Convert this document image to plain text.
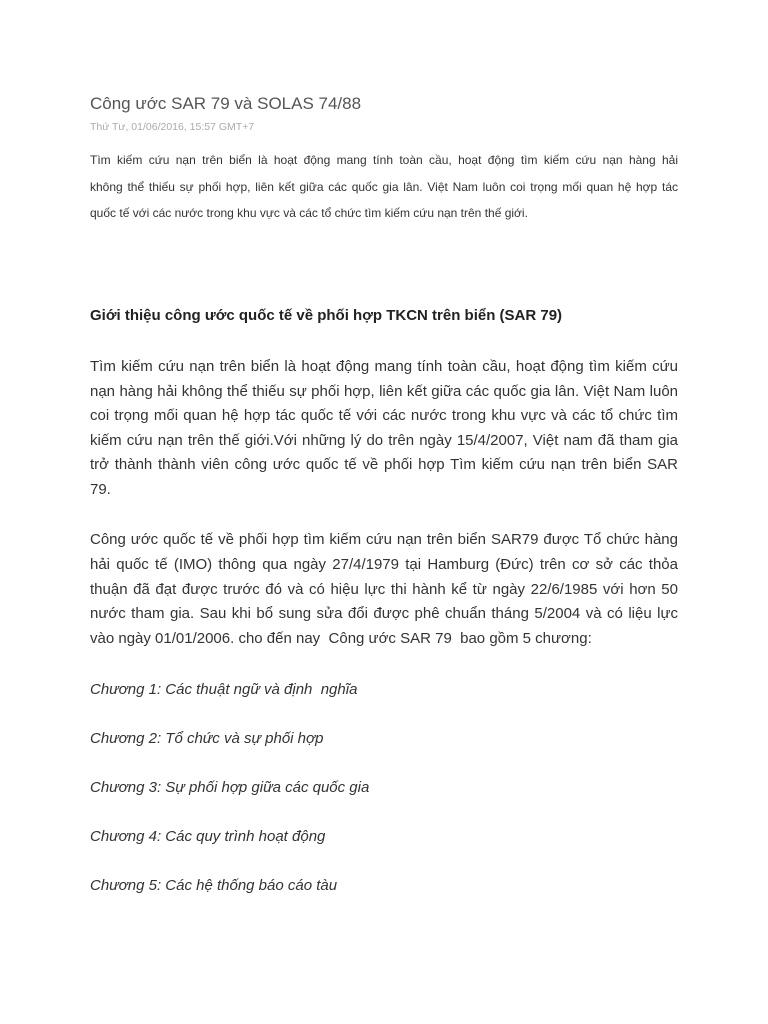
Công ước SAR 79 và SOLAS 74/88
Thứ Tư, 01/06/2016, 15:57 GMT+7
Tìm kiếm cứu nạn trên biển là hoạt động mang tính toàn cầu, hoạt động tìm kiếm cứu nạn hàng hải
không thể thiếu sự phối hợp, liên kết giữa các quốc gia lân. Việt Nam luôn coi trọng mối quan hệ hợp tác
quốc tế với các nước trong khu vực và các tổ chức tìm kiếm cứu nạn trên thế giới.
Giới thiệu công ước quốc tế về phối hợp TKCN trên biển (SAR 79)
Tìm kiếm cứu nạn trên biển là hoạt động mang tính toàn cầu, hoạt động tìm kiếm cứu
nạn hàng hải không thể thiếu sự phối hợp, liên kết giữa các quốc gia lân. Việt Nam luôn
coi trọng mối quan hệ hợp tác quốc tế với các nước trong khu vực và các tổ chức tìm
kiếm cứu nạn trên thế giới.Với những lý do trên ngày 15/4/2007, Việt nam đã tham gia
trở thành thành viên công ước quốc tế về phối hợp Tìm kiếm cứu nạn trên biển SAR
79.
Công ước quốc tế về phối hợp tìm kiếm cứu nạn trên biển SAR79 được Tổ chức hàng
hải quốc tế (IMO) thông qua ngày 27/4/1979 tại Hamburg (Đức) trên cơ sở các thỏa
thuận đã đạt được trước đó và có hiệu lực thi hành kể từ ngày 22/6/1985 với hơn 50
nước tham gia. Sau khi bổ sung sửa đổi được phê chuẩn tháng 5/2004 và có liệu lực
vào ngày 01/01/2006. cho đến nay  Công ước SAR 79  bao gồm 5 chương:
Chương 1: Các thuật ngữ và định  nghĩa
Chương 2: Tổ chức và sự phối hợp
Chương 3: Sự phối hợp giữa các quốc gia
Chương 4: Các quy trình hoạt động
Chương 5: Các hệ thống báo cáo tàu
